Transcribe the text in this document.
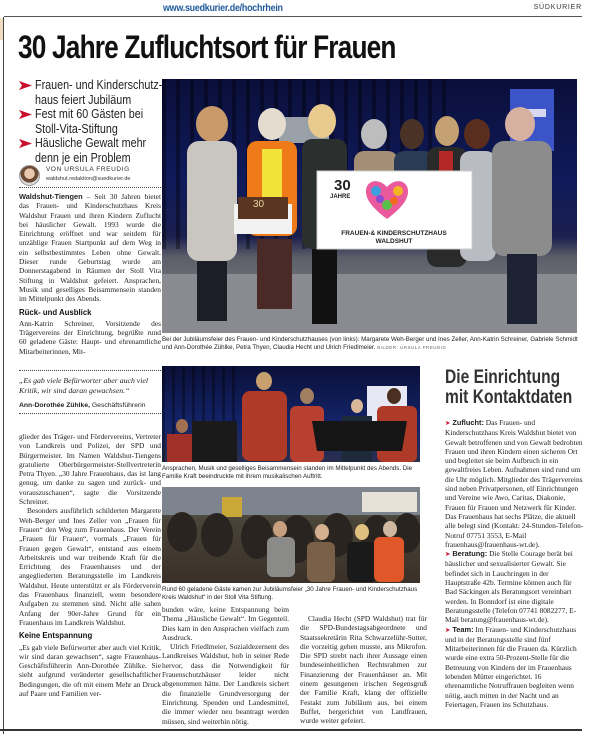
www.suedkurier.de/hochrhein	SÜDKURIER
30 Jahre Zufluchtsort für Frauen
Frauen- und Kinderschutz-haus feiert Jubiläum
Fest mit 60 Gästen bei Stoll-Vita-Stiftung
Häusliche Gewalt mehr denn je ein Problem
VON URSULA FREUDIG
waldshut.redaktion@suedkurier.de

Waldshut-Tiengen – Seit 30 Jahren bietet das Frauen- und Kinderschutzhaus Kreis Waldshut Frauen und ihren Kindern Zuflucht bei häuslicher Gewalt. 1993 wurde die Einrichtung eröffnet und war seitdem für unzählige Frauen Startpunkt auf dem Weg in ein selbstbestimmtes Leben ohne Gewalt. Dieser runde Geburtstag wurde am Donnerstagabend in Räumen der Stoll Vita Stiftung in Waldshut gefeiert. Ansprachen, Musik und geselliges Beisammensein standen im Mittelpunkt des Abends.

Rück- und Ausblick

Ann-Katrin Schreiner, Vorsitzende des Trägervereins der Einrichtung, begrüßte rund 60 geladene Gäste: Haupt- und ehrenamtliche Mitarbeiterinnen, Mit-

„Es gab viele Befürworter aber auch viel Kritik, wir sind daran gewachsen.“
Ann-Dorothée Zühlke, Geschäftsführerin

glieder des Träger- und Fördervereins, Vertreter von Landkreis und Polizei, der SPD und Bürgermeister. Im Namen Waldshut-Tiengens gratulierte Oberbürgermeister-Stellvertreterin Petra Thyen. „30 Jahre Frauenhaus, das ist lang genug, um danke zu sagen und zurück- und vorauszuschauen“, sagte die Vorsitzende Schreiner.

Besonders ausführlich schilderten Margarete Weh-Berger und Ines Zeller von „Frauen für Frauen“ den Weg zum Frauenhaus. Der Verein „Frauen für Frauen“, vormals „Frauen für Frauen gegen Gewalt“, entstand aus einem Arbeitskreis und war treibende Kraft für die Errichtung des Frauenhauses und der angegliederten Beratungsstelle im Landkreis Waldshut. Heute unterstützt er als Förderverein das Frauenhaus finanziell, wenn besondere Aufgaben zu stemmen sind. Nicht alle sahen Anfang der 90er-Jahre Grund für ein Frauenhaus im Landkreis Waldshut.

Keine Entspannung

„Es gab viele Befürworter aber auch viel Kritik, wir sind daran gewachsen“, sagte Frauenhaus-Geschäftsführerin Ann-Dorothée Zühlke. Sie sieht aufgrund veränderter gesellschaftlicher Bedingungen, die oft mit einem Mehr an Druck auf Paare und Familien ver-

30
JAHRE
FRAUEN-& KINDERSCHUTZHAUS
WALDSHUT
30
Bei der Jubiläumsfeier des Frauen- und Kinderschutzhauses (von links): Margarete Weh-Berger und Ines Zeller, Ann-Katrin Schreiner, Gabriele Schmidt und Ann-Dorothée Zühlke, Petra Thyen, Claudia Hecht und Ulrich Friedlmeier. BILDER: URSULA FREUDIG
Ansprachen, Musik und geselliges Beisammensein standen im Mittelpunkt des Abends. Die Familie Kraft beeindruckte mit ihrem musikalischen Auftritt.
Rund 60 geladene Gäste kamen zur Jubiläumsfeier „30 Jahre Frauen- und Kinderschutzhaus Kreis Waldshut“ in der Stoll Vita Stiftung.

bunden wäre, keine Entspannung beim Thema „Häusliche Gewalt“. Im Gegenteil. Dies kam in den Ansprachen vielfach zum Ausdruck.

Ulrich Friedlmeier, Sozialdezernent des Landkreises Waldshut, hob in seiner Rede hervor, dass die Notwendigkeit für Frauenschutzhäuser leider nicht abgenommen hätte. Der Landkreis sichert die finanzielle Grundversorgung der Einrichtung. Spenden und Landesmittel, die immer wieder neu beantragt werden müssen, sind weiterhin nötig.

Claudia Hecht (SPD Waldshut) trat für die SPD-Bundestagsabgeordnete und Staatssekretärin Rita Schwarzelühr-Sutter, die vorzeitig gehen musste, ans Mikrofon. Die SPD strebt nach ihrer Aussage einen bundeseinheitlichen Rechtsrahmen zur Finanzierung der Frauenhäuser an. Mit einem gesungenen irischen Segensgruß der Familie Kraft, klang der offizielle Festakt zum Jubiläum aus, bei einem Buffet, hergerichtet von Landfrauen, wurde weiter gefeiert.

Die Einrichtung
mit Kontaktdaten

➤ Zuflucht: Das Frauen- und Kinderschutzhaus Kreis Waldshut bietet von Gewalt betroffenen und von Gewalt bedrohten Frauen und ihren Kindern einen sicheren Ort und begleitet sie beim Aufbruch in ein gewaltfreies Leben. Aufnahmen sind rund um die Uhr möglich. Mitglieder des Trägervereins sind neben Privatpersonen, elf Einrichtungen und Vereine wie Awo, Caritas, Diakonie, Frauen für Frauen und Netzwerk für Kinder. Das Frauenhaus hat sechs Plätze, die aktuell alle belegt sind (Kontakt: 24-Stunden-Telefon-Notruf 07751 3553, E-Mail frauenhaus@frauenhaus-wt.de).

➤ Beratung: Die Stelle Courage berät bei häuslicher und sexualisierter Gewalt. Sie befindet sich in Lauchringen in der Hauptstraße 42b. Termine können auch für Bad Säckingen als Beratungsort vereinbart werden. In Bonndorf ist eine digitale Beratungsstelle (Telefon 07741 8082277, E-Mail beratung@frauenhaus-wt.de).

➤ Team: Im Frauen- und Kinderschutzhaus und in der Beratungsstelle sind fünf Mitarbeiterinnen für die Frauen da. Kürzlich wurde eine extra 50-Prozent-Stelle für die Betreuung von Kindern der im Frauenhaus lebenden Mütter eingerichtet. 16 ehrenamtliche Notruffrauen begleiten wenn nötig, auch mitten in der Nacht und an Feiertagen, Frauen ins Schutzhaus.
